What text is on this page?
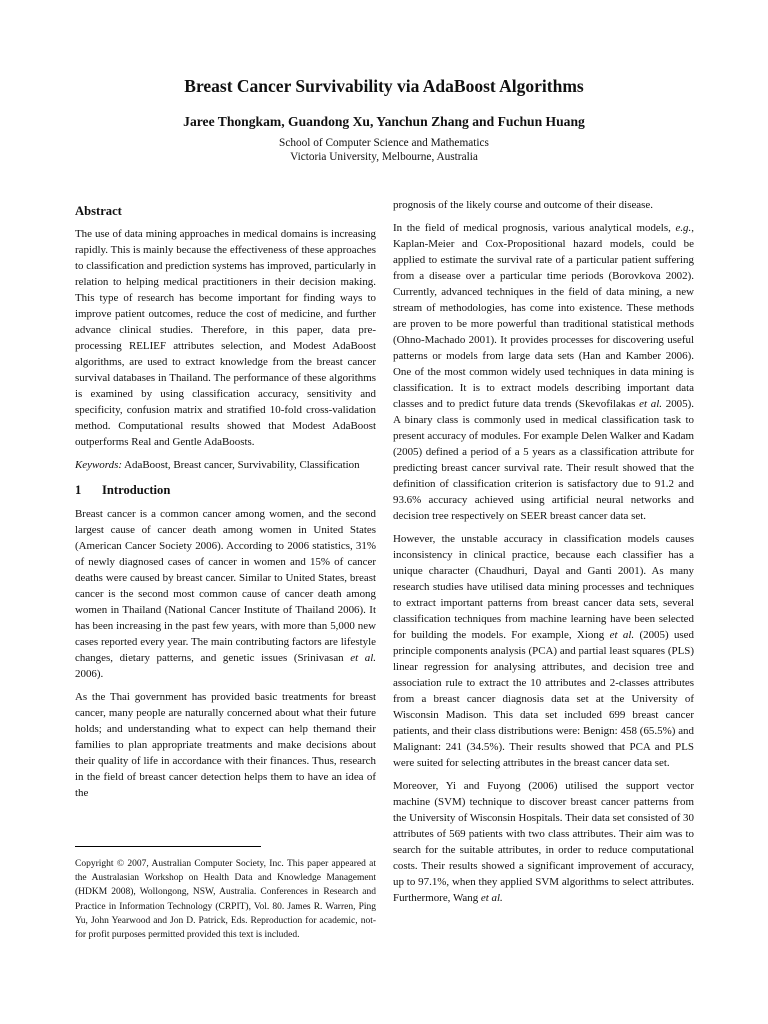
Breast Cancer Survivability via AdaBoost Algorithms
Jaree Thongkam, Guandong Xu, Yanchun Zhang and Fuchun Huang
School of Computer Science and Mathematics
Victoria University, Melbourne, Australia
Abstract

The use of data mining approaches in medical domains is increasing rapidly. This is mainly because the effectiveness of these approaches to classification and prediction systems has improved, particularly in relation to helping medical practitioners in their decision making. This type of research has become important for finding ways to improve patient outcomes, reduce the cost of medicine, and further advance clinical studies. Therefore, in this paper, data pre-processing RELIEF attributes selection, and Modest AdaBoost algorithms, are used to extract knowledge from the breast cancer survival databases in Thailand. The performance of these algorithms is examined by using classification accuracy, sensitivity and specificity, confusion matrix and stratified 10-fold cross-validation method. Computational results showed that Modest AdaBoost outperforms Real and Gentle AdaBoosts.

Keywords: AdaBoost, Breast cancer, Survivability, Classification

1 Introduction

Breast cancer is a common cancer among women, and the second largest cause of cancer death among women in United States (American Cancer Society 2006). According to 2006 statistics, 31% of newly diagnosed cases of cancer in women and 15% of cancer deaths were caused by breast cancer. Similar to United States, breast cancer is the second most common cause of cancer death among women in Thailand (National Cancer Institute of Thailand 2006). It has been increasing in the past few years, with more than 5,000 new cases reported every year. The main contributing factors are lifestyle changes, dietary patterns, and genetic issues (Srinivasan et al. 2006).

As the Thai government has provided basic treatments for breast cancer, many people are naturally concerned about what their future holds; and understanding what to expect can help themand their families to plan appropriate treatments and make decisions about their quality of life in accordance with their finances. Thus, research in the field of breast cancer detection helps them to have an idea of the

Copyright © 2007, Australian Computer Society, Inc. This paper appeared at the Australasian Workshop on Health Data and Knowledge Management (HDKM 2008), Wollongong, NSW, Australia. Conferences in Research and Practice in Information Technology (CRPIT), Vol. 80. James R. Warren, Ping Yu, John Yearwood and Jon D. Patrick, Eds. Reproduction for academic, not-for profit purposes permitted provided this text is included.

prognosis of the likely course and outcome of their disease.

In the field of medical prognosis, various analytical models, e.g., Kaplan-Meier and Cox-Propositional hazard models, could be applied to estimate the survival rate of a particular patient suffering from a disease over a particular time periods (Borovkova 2002). Currently, advanced techniques in the field of data mining, a new stream of methodologies, has come into existence. These methods are proven to be more powerful than traditional statistical methods (Ohno-Machado 2001). It provides processes for discovering useful patterns or models from large data sets (Han and Kamber 2006). One of the most common widely used techniques in data mining is classification. It is to extract models describing important data classes and to predict future data trends (Skevofilakas et al. 2005). A binary class is commonly used in medical classification task to present accuracy of modules. For example Delen Walker and Kadam (2005) defined a period of a 5 years as a classification attribute for predicting breast cancer survival rate. Their result showed that the definition of classification criterion is satisfactory due to 91.2 and 93.6% accuracy achieved using artificial neural networks and decision tree respectively on SEER breast cancer data set.

However, the unstable accuracy in classification models causes inconsistency in clinical practice, because each classifier has a unique character (Chaudhuri, Dayal and Ganti 2001). As many research studies have utilised data mining processes and techniques to extract important patterns from breast cancer data sets, several classification techniques from machine learning have been selected for building the models. For example, Xiong et al. (2005) used principle components analysis (PCA) and partial least squares (PLS) linear regression for analysing attributes, and decision tree and association rule to extract the 10 attributes and 2-classes attributes from a breast cancer diagnosis data set at the University of Wisconsin Madison. This data set included 699 breast cancer patients, and their class distributions were: Benign: 458 (65.5%) and Malignant: 241 (34.5%). Their results showed that PCA and PLS were suited for selecting attributes in the breast cancer data set.

Moreover, Yi and Fuyong (2006) utilised the support vector machine (SVM) technique to discover breast cancer patterns from the University of Wisconsin Hospitals. Their data set consisted of 30 attributes of 569 patients with two class attributes. Their aim was to search for the suitable attributes, in order to reduce computational costs. Their results showed a significant improvement of accuracy, up to 97.1%, when they applied SVM algorithms to select attributes. Furthermore, Wang et al.
